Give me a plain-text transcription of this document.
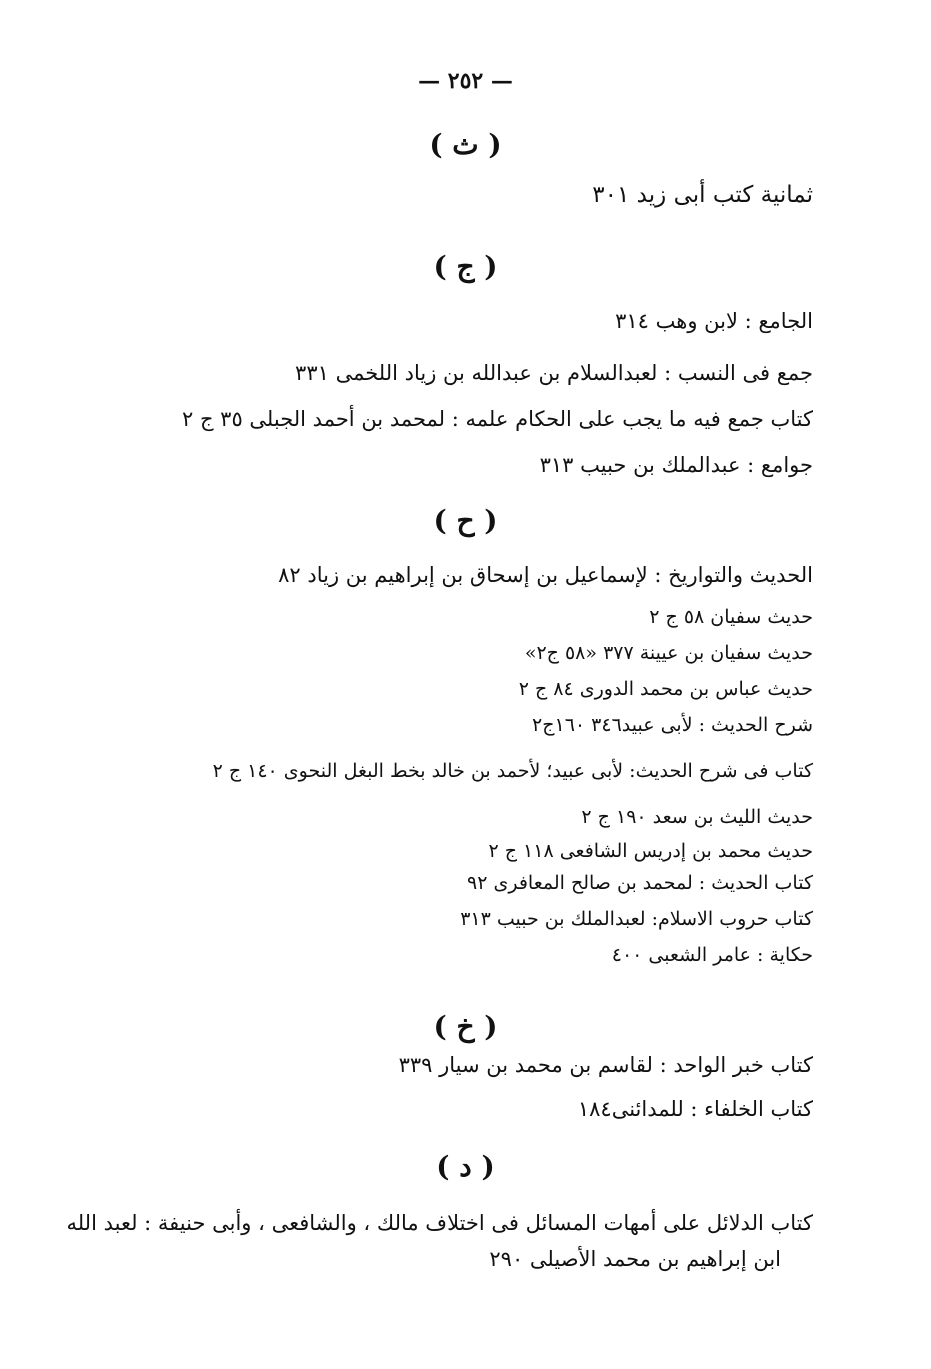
— ٢٥٢ —
( ث )
ثمانية كتب أبى زيد ٣٠١
( ج )
الجامع : لابن وهب ٣١٤
جمع فى النسب : لعبدالسلام بن عبدالله بن زياد اللخمى ٣٣١
كتاب جمع فيه ما يجب على الحكام علمه : لمحمد بن أحمد الجبلى ٣٥ ج ٢
جوامع : عبدالملك بن حبيب ٣١٣
( ح )
الحديث والتواريخ : لإسماعيل بن إسحاق بن إبراهيم بن زياد ٨٢
حديث سفيان ٥٨ ج ٢
حديث سفيان بن عيينة ٣٧٧ «٥٨ ج٢»
حديث عباس بن محمد الدورى ٨٤ ج ٢
شرح الحديث : لأبى عبيد٣٤٦ ١٦٠ج٢
كتاب فى شرح الحديث: لأبى عبيد؛ لأحمد بن خالد بخط البغل النحوى ١٤٠ ج ٢
حديث الليث بن سعد ١٩٠ ج ٢
حديث محمد بن إدريس الشافعى ١١٨ ج ٢
كتاب الحديث : لمحمد بن صالح المعافرى ٩٢
كتاب حروب الاسلام: لعبدالملك بن حبيب ٣١٣
حكاية : عامر الشعبى ٤٠٠
( خ )
كتاب خبر الواحد : لقاسم بن محمد بن سيار ٣٣٩
كتاب الخلفاء : للمدائنى١٨٤
( د )
كتاب الدلائل على أمهات المسائل فى اختلاف مالك ، والشافعى ، وأبى حنيفة : لعبد الله
ابن إبراهيم بن محمد الأصيلى ٢٩٠
